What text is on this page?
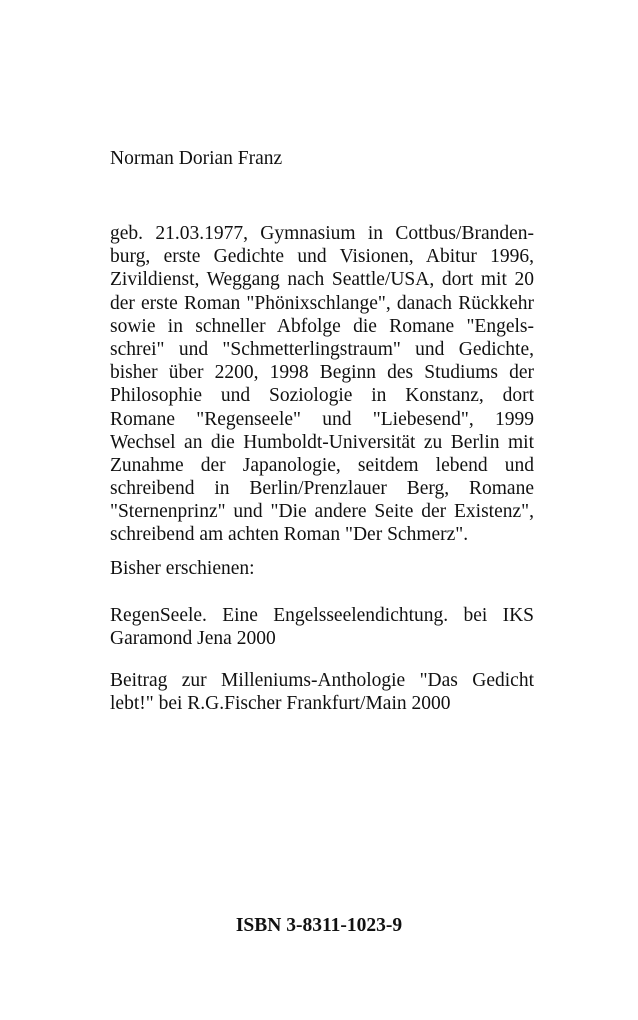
Norman Dorian Franz
geb. 21.03.1977, Gymnasium in Cottbus/Branden-
burg, erste Gedichte und Visionen, Abitur 1996,
Zivildienst, Weggang nach Seattle/USA, dort mit 20
der erste Roman "Phönixschlange", danach Rückkehr
sowie in schneller Abfolge die Romane "Engels-
schrei" und "Schmetterlingstraum" und Gedichte,
bisher über 2200, 1998 Beginn des Studiums der
Philosophie und Soziologie in Konstanz, dort
Romane "Regenseele" und "Liebesend", 1999
Wechsel an die Humboldt-Universität zu Berlin mit
Zunahme der Japanologie, seitdem lebend und
schreibend in Berlin/Prenzlauer Berg, Romane
"Sternenprinz" und "Die andere Seite der Existenz",
schreibend am achten Roman "Der Schmerz".
Bisher erschienen:
RegenSeele. Eine Engelsseelendichtung. bei IKS
Garamond Jena 2000
Beitrag zur Milleniums-Anthologie "Das Gedicht
lebt!" bei R.G.Fischer Frankfurt/Main 2000
ISBN 3-8311-1023-9
